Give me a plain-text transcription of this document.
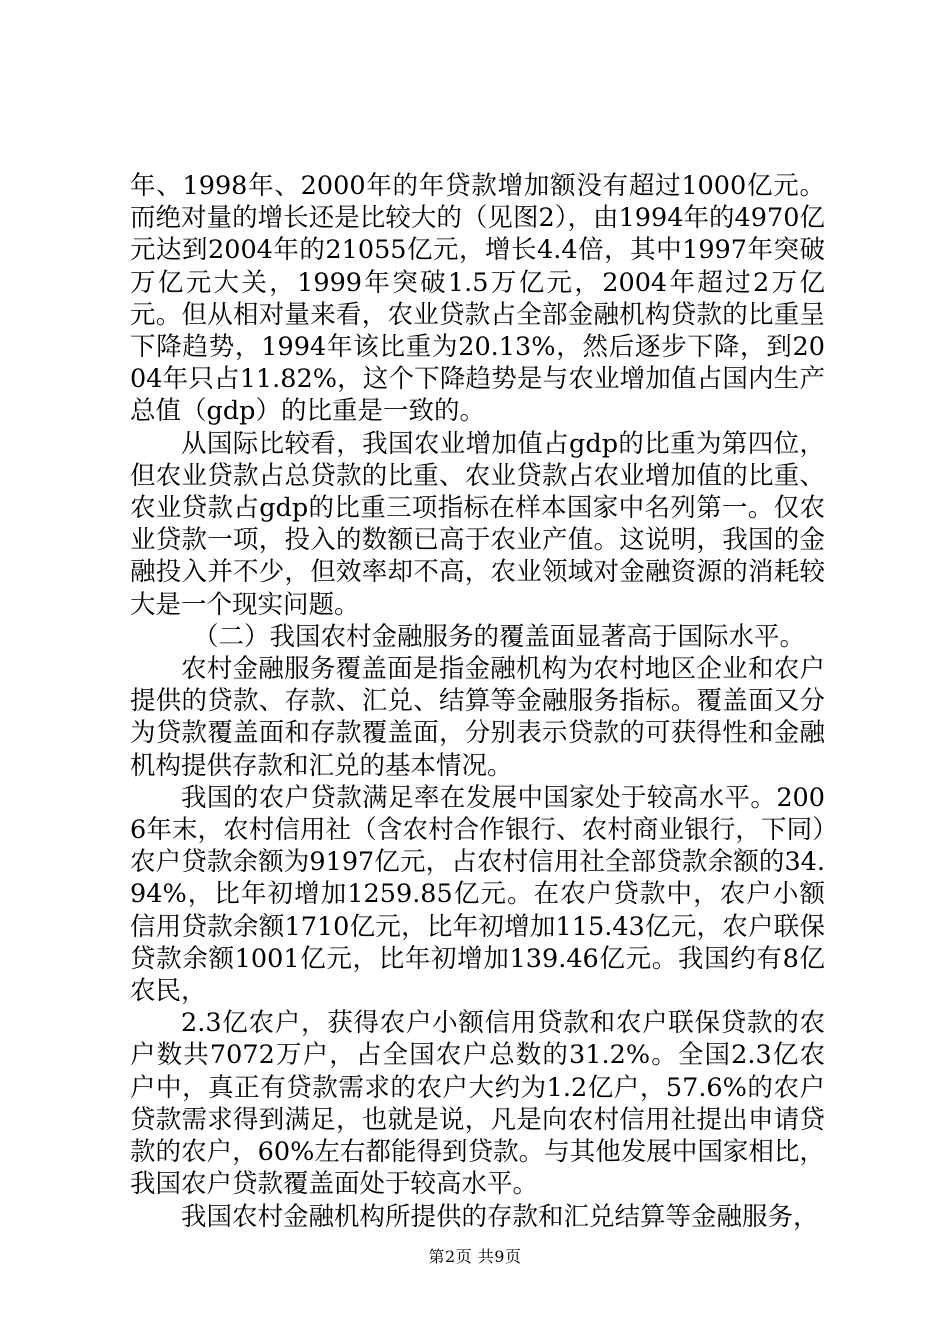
年、1998年、2000年的年贷款增加额没有超过1000亿元。而绝对量的增长还是比较大的（见图2），由1994年的4970亿元达到2004年的21055亿元，增长4.4倍，其中1997年突破万亿元大关，1999年突破1.5万亿元，2004年超过2万亿元。但从相对量来看，农业贷款占全部金融机构贷款的比重呈下降趋势，1994年该比重为20.13%，然后逐步下降，到2004年只占11.82%，这个下降趋势是与农业增加值占国内生产总值（gdp）的比重是一致的。

从国际比较看，我国农业增加值占gdp的比重为第四位，但农业贷款占总贷款的比重、农业贷款占农业增加值的比重、农业贷款占gdp的比重三项指标在样本国家中名列第一。仅农业贷款一项，投入的数额已高于农业产值。这说明，我国的金融投入并不少，但效率却不高，农业领域对金融资源的消耗较大是一个现实问题。

（二）我国农村金融服务的覆盖面显著高于国际水平。

农村金融服务覆盖面是指金融机构为农村地区企业和农户提供的贷款、存款、汇兑、结算等金融服务指标。覆盖面又分为贷款覆盖面和存款覆盖面，分别表示贷款的可获得性和金融机构提供存款和汇兑的基本情况。

我国的农户贷款满足率在发展中国家处于较高水平。2006年末，农村信用社（含农村合作银行、农村商业银行，下同）农户贷款余额为9197亿元，占农村信用社全部贷款余额的34.94%，比年初增加1259.85亿元。在农户贷款中，农户小额信用贷款余额1710亿元，比年初增加115.43亿元，农户联保贷款余额1001亿元，比年初增加139.46亿元。我国约有8亿农民，

2.3亿农户，获得农户小额信用贷款和农户联保贷款的农户数共7072万户，占全国农户总数的31.2%。全国2.3亿农户中，真正有贷款需求的农户大约为1.2亿户，57.6%的农户贷款需求得到满足，也就是说，凡是向农村信用社提出申请贷款的农户，60%左右都能得到贷款。与其他发展中国家相比，我国农户贷款覆盖面处于较高水平。

我国农村金融机构所提供的存款和汇兑结算等金融服务，

第2页 共9页
